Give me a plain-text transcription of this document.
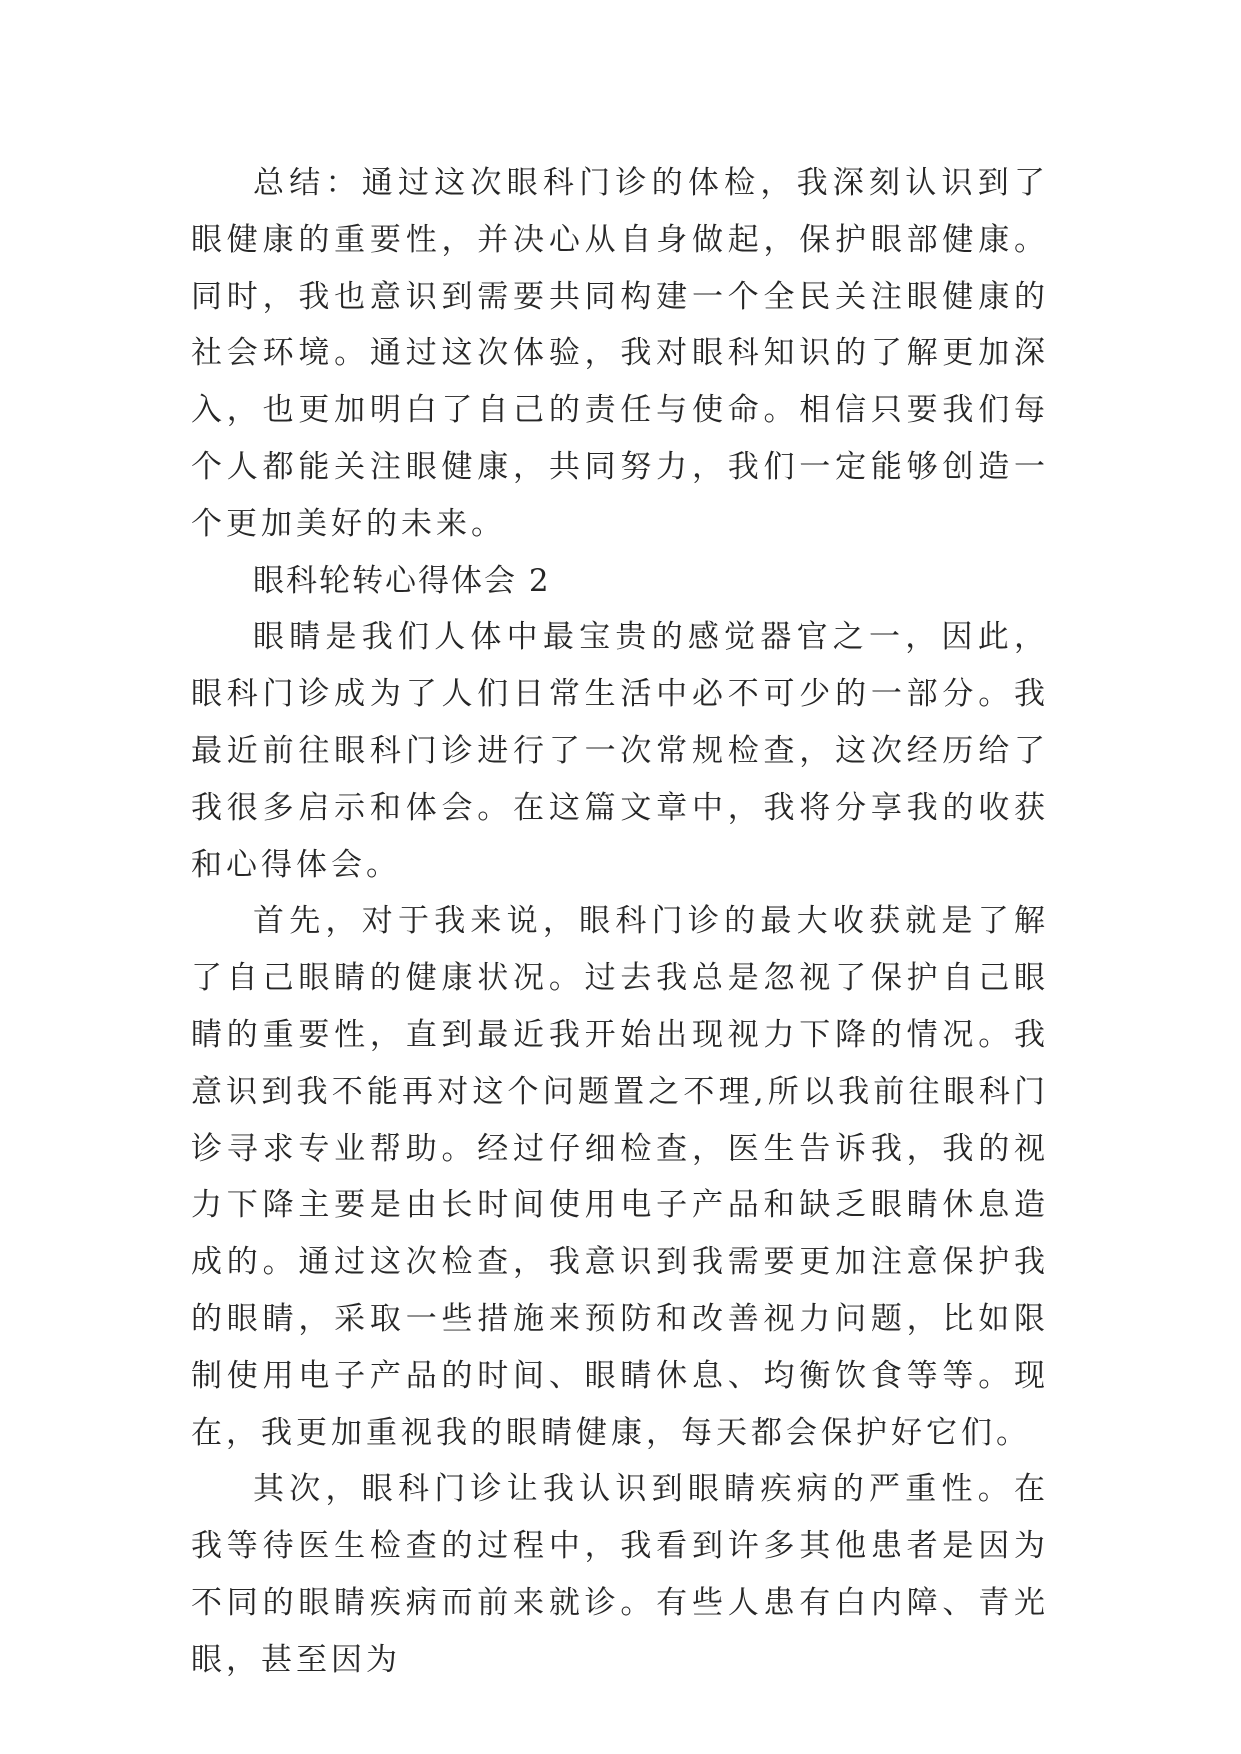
总结：通过这次眼科门诊的体检，我深刻认识到了眼健康的重要性，并决心从自身做起，保护眼部健康。同时，我也意识到需要共同构建一个全民关注眼健康的社会环境。通过这次体验，我对眼科知识的了解更加深入，也更加明白了自己的责任与使命。相信只要我们每个人都能关注眼健康，共同努力，我们一定能够创造一个更加美好的未来。

眼科轮转心得体会 2

眼睛是我们人体中最宝贵的感觉器官之一，因此，眼科门诊成为了人们日常生活中必不可少的一部分。我最近前往眼科门诊进行了一次常规检查，这次经历给了我很多启示和体会。在这篇文章中，我将分享我的收获和心得体会。

首先，对于我来说，眼科门诊的最大收获就是了解了自己眼睛的健康状况。过去我总是忽视了保护自己眼睛的重要性，直到最近我开始出现视力下降的情况。我意识到我不能再对这个问题置之不理,所以我前往眼科门诊寻求专业帮助。经过仔细检查，医生告诉我，我的视力下降主要是由长时间使用电子产品和缺乏眼睛休息造成的。通过这次检查，我意识到我需要更加注意保护我的眼睛，采取一些措施来预防和改善视力问题，比如限制使用电子产品的时间、眼睛休息、均衡饮食等等。现在，我更加重视我的眼睛健康，每天都会保护好它们。

其次，眼科门诊让我认识到眼睛疾病的严重性。在我等待医生检查的过程中，我看到许多其他患者是因为不同的眼睛疾病而前来就诊。有些人患有白内障、青光眼，甚至因为
